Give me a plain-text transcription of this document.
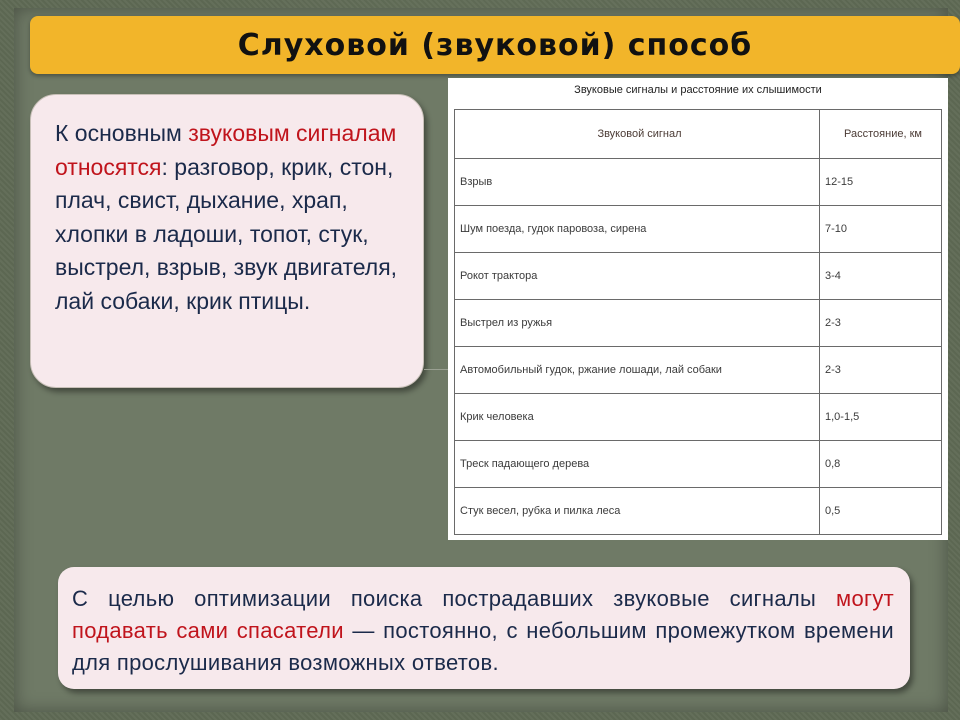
Слуховой (звуковой) способ

К основным звуковым сигналам относятся: разговор, крик, стон, плач, свист, дыхание, храп, хлопки в ладоши, топот, стук, выстрел, взрыв, звук двигателя, лай собаки, крик птицы.

Звуковые сигналы и расстояние их слышимости
Звуковой сигнал	Расстояние, км
Взрыв	12-15
Шум поезда, гудок паровоза, сирена	7-10
Рокот трактора	3-4
Выстрел из ружья	2-3
Автомобильный гудок, ржание лошади, лай собаки	2-3
Крик человека	1,0-1,5
Треск падающего дерева	0,8
Стук весел, рубка и пилка леса	0,5

С целью оптимизации поиска пострадавших звуковые сигналы могут подавать сами спасатели — постоянно, с небольшим промежутком времени для прослушивания возможных ответов.
